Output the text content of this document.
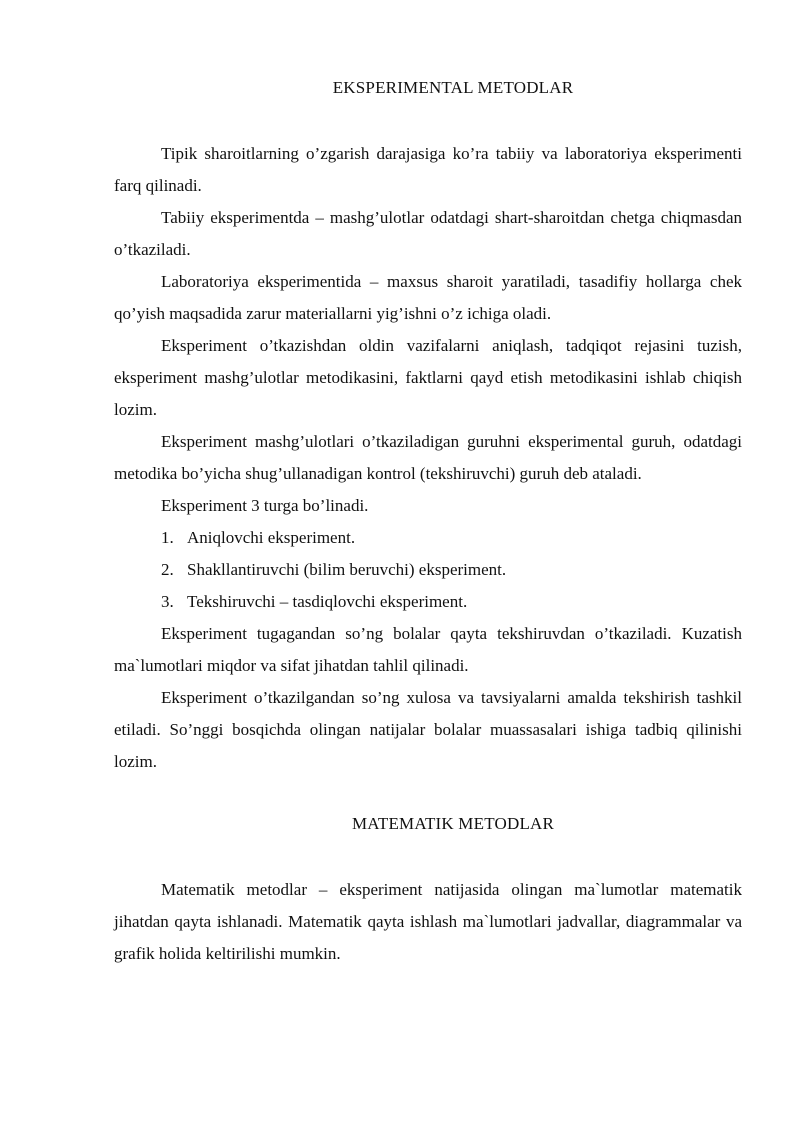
EKSPERIMENTAL METODLAR

Tipik sharoitlarning o’zgarish darajasiga ko’ra tabiiy va laboratoriya eksperimenti farq qilinadi.

Tabiiy eksperimentda – mashg’ulotlar odatdagi shart-sharoitdan chetga chiqmasdan o’tkaziladi.

Laboratoriya eksperimentida – maxsus sharoit yaratiladi, tasadifiy hollarga chek qo’yish maqsadida zarur materiallarni yig’ishni o’z ichiga oladi.

Eksperiment o’tkazishdan oldin vazifalarni aniqlash, tadqiqot rejasini tuzish, eksperiment mashg’ulotlar metodikasini, faktlarni qayd etish metodikasini ishlab chiqish lozim.

Eksperiment mashg’ulotlari o’tkaziladigan guruhni eksperimental guruh, odatdagi metodika bo’yicha shug’ullanadigan kontrol (tekshiruvchi) guruh deb ataladi.

Eksperiment 3 turga bo’linadi.

1. Aniqlovchi eksperiment.
2. Shakllantiruvchi (bilim beruvchi) eksperiment.
3. Tekshiruvchi – tasdiqlovchi eksperiment.

Eksperiment tugagandan so’ng bolalar qayta tekshiruvdan o’tkaziladi. Kuzatish ma`lumotlari miqdor va sifat jihatdan tahlil qilinadi.

Eksperiment o’tkazilgandan so’ng xulosa va tavsiyalarni amalda tekshirish tashkil etiladi. So’nggi bosqichda olingan natijalar bolalar muassasalari ishiga tadbiq qilinishi lozim.

MATEMATIK METODLAR

Matematik metodlar – eksperiment natijasida olingan ma`lumotlar matematik jihatdan qayta ishlanadi. Matematik qayta ishlash ma`lumotlari jadvallar, diagrammalar va grafik holida keltirilishi mumkin.
